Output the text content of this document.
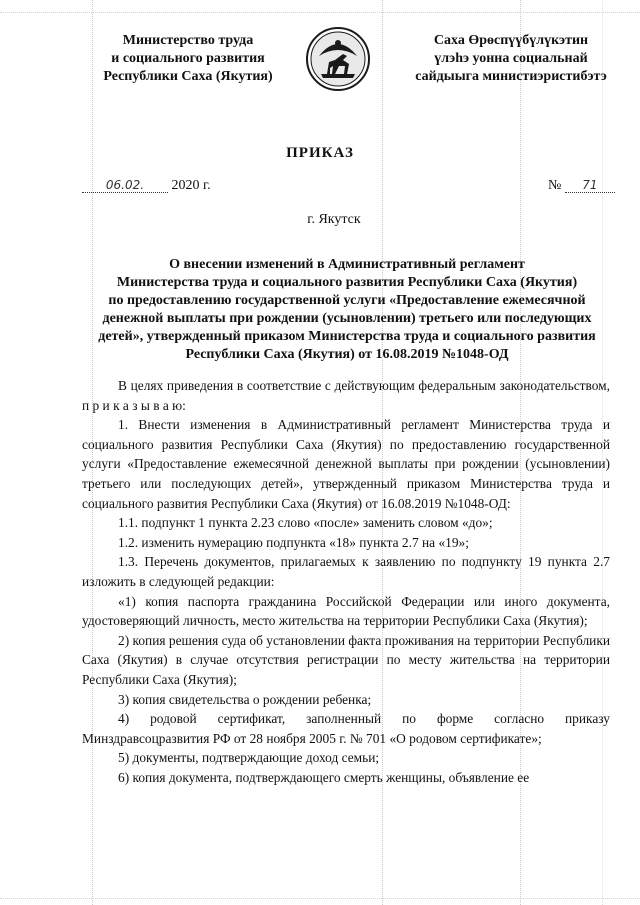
Министерство труда
и социального развития
Республики Саха (Якутия)
Саха Өрөспүүбүлүкэтин
үлэһэ уонна социальнай
сайдыыга министиэристибэтэ
ПРИКАЗ
06.02. 2020 г.	№ 71
г. Якутск
О внесении изменений в Административный регламент
Министерства труда и социального развития Республики Саха (Якутия)
по предоставлению государственной услуги «Предоставление ежемесячной
денежной выплаты при рождении (усыновлении) третьего или последующих
детей», утвержденный приказом Министерства труда и социального развития
Республики Саха (Якутия) от 16.08.2019 №1048-ОД

В целях приведения в соответствие с действующим федеральным законодательством, п р и к а з ы в а ю:

1. Внести изменения в Административный регламент Министерства труда и социального развития Республики Саха (Якутия) по предоставлению государственной услуги «Предоставление ежемесячной денежной выплаты при рождении (усыновлении) третьего или последующих детей», утвержденный приказом Министерства труда и социального развития Республики Саха (Якутия) от 16.08.2019 №1048-ОД:

1.1. подпункт 1 пункта 2.23 слово «после» заменить словом «до»;

1.2. изменить нумерацию подпункта «18» пункта 2.7 на «19»;

1.3. Перечень документов, прилагаемых к заявлению по подпункту 19 пункта 2.7 изложить в следующей редакции:

«1) копия паспорта гражданина Российской Федерации или иного документа, удостоверяющий личность, место жительства на территории Республики Саха (Якутия);

2) копия решения суда об установлении факта проживания на территории Республики Саха (Якутия) в случае отсутствия регистрации по месту жительства на территории Республики Саха (Якутия);

3) копия свидетельства о рождении ребенка;

4) родовой сертификат, заполненный по форме согласно приказу Минздравсоцразвития РФ от 28 ноября 2005 г. № 701 «О родовом сертификате»;

5) документы, подтверждающие доход семьи;

6) копия документа, подтверждающего смерть женщины, объявление ее
